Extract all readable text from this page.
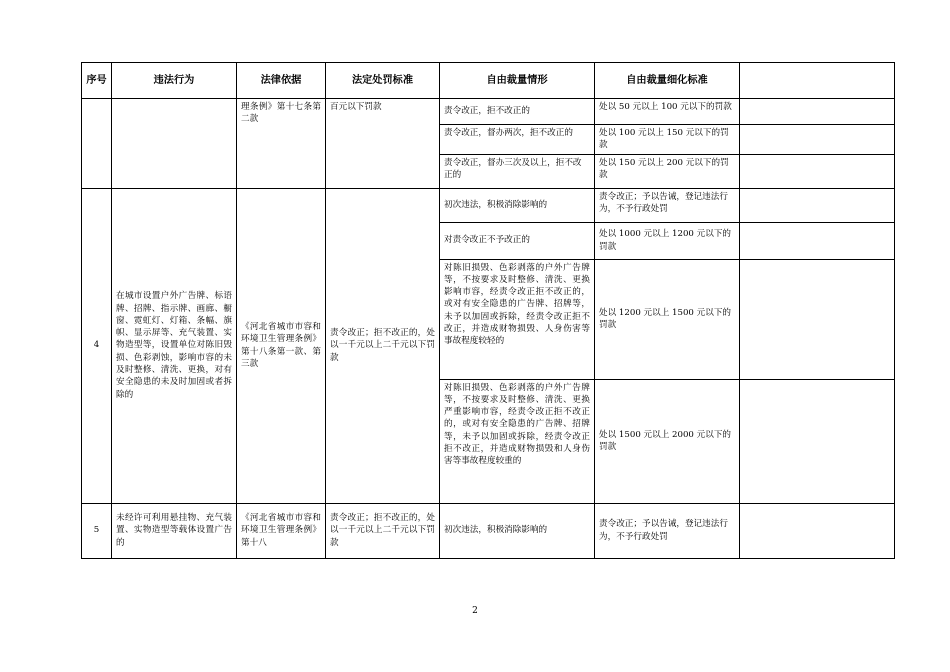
序号	违法行为	法律依据	法定处罚标准	自由裁量情形	自由裁量细化标准	
		理条例》第十七条第二款	百元以下罚款	责令改正，拒不改正的	处以 50 元以上 100 元以下的罚款	
				责令改正，督办两次，拒不改正的	处以 100 元以上 150 元以下的罚款	
				责令改正，督办三次及以上，拒不改正的	处以 150 元以上 200 元以下的罚款	
4	在城市设置户外广告牌、标语牌、招牌、指示牌、画廊、橱窗、霓虹灯、灯箱、条幅、旗帜、显示屏等、充气装置、实物造型等，设置单位对陈旧毁损、色彩剥蚀，影响市容的未及时整修、清洗、更换，对有安全隐患的未及时加固或者拆除的	《河北省城市市容和环境卫生管理条例》第十八条第一款、第三款	责令改正；拒不改正的，处以一千元以上二千元以下罚款	初次违法，积极消除影响的	责令改正；予以告诫，登记违法行为，不予行政处罚	
				对责令改正不予改正的	处以 1000 元以上 1200 元以下的罚款	
				对陈旧损毁、色彩剥落的户外广告牌等，不按要求及时整修、清洗、更换影响市容，经责令改正拒不改正的，或对有安全隐患的广告牌、招牌等，未予以加固或拆除，经责令改正拒不改正，并造成财物损毁、人身伤害等事故程度较轻的	处以 1200 元以上 1500 元以下的罚款	
				对陈旧损毁、色彩剥落的户外广告牌等，不按要求及时整修、清洗、更换严重影响市容，经责令改正拒不改正的，或对有安全隐患的广告牌、招牌等，未予以加固或拆除，经责令改正拒不改正，并造成财物损毁和人身伤害等事故程度较重的	处以 1500 元以上 2000 元以下的罚款	
5	未经许可利用悬挂物、充气装置、实物造型等载体设置广告的	《河北省城市市容和环境卫生管理条例》第十八	责令改正；拒不改正的，处以一千元以上二千元以下罚款	初次违法，积极消除影响的	责令改正；予以告诫，登记违法行为，不予行政处罚	
2
